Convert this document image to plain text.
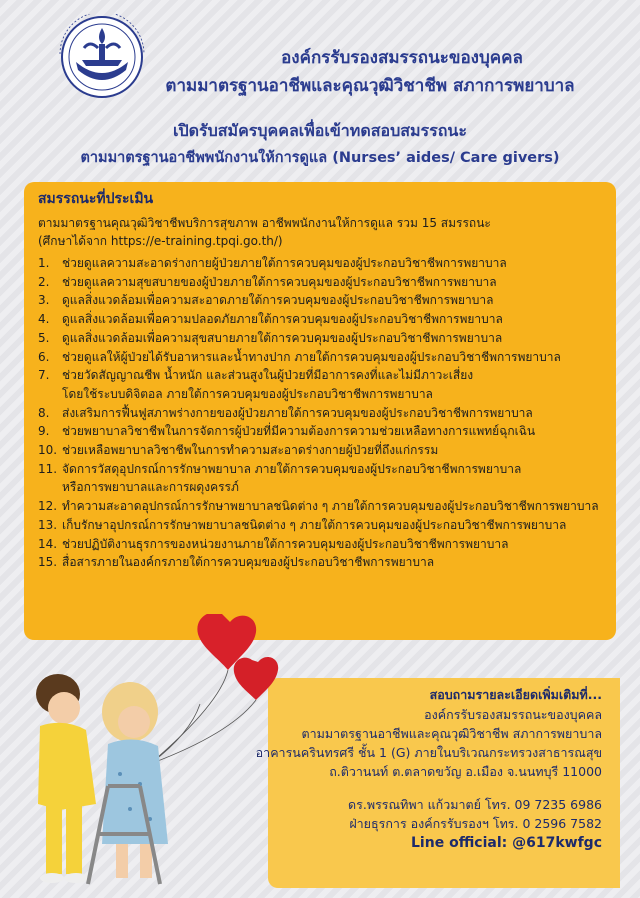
องค์กรรับรองสมรรถนะของบุคคล
ตามมาตรฐานอาชีพและคุณวุฒิวิชาชีพ สภาการพยาบาล
เปิดรับสมัครบุคคลเพื่อเข้าทดสอบสมรรถนะ
ตามมาตรฐานอาชีพพนักงานให้การดูแล (Nurses’ aides/ Care givers)
สมรรถนะที่ประเมิน
ตามมาตรฐานคุณวุฒิวิชาชีพบริการสุขภาพ อาชีพพนักงานให้การดูแล รวม 15 สมรรถนะ
(ศึกษาได้จาก https://e-training.tpqi.go.th/)
1.	ช่วยดูแลความสะอาดร่างกายผู้ป่วยภายใต้การควบคุมของผู้ประกอบวิชาชีพการพยาบาล
2.	ช่วยดูแลความสุขสบายของผู้ป่วยภายใต้การควบคุมของผู้ประกอบวิชาชีพการพยาบาล
3.	ดูแลสิ่งแวดล้อมเพื่อความสะอาดภายใต้การควบคุมของผู้ประกอบวิชาชีพการพยาบาล
4.	ดูแลสิ่งแวดล้อมเพื่อความปลอดภัยภายใต้การควบคุมของผู้ประกอบวิชาชีพการพยาบาล
5.	ดูแลสิ่งแวดล้อมเพื่อความสุขสบายภายใต้การควบคุมของผู้ประกอบวิชาชีพการพยาบาล
6.	ช่วยดูแลให้ผู้ป่วยได้รับอาหารและน้ำทางปาก ภายใต้การควบคุมของผู้ประกอบวิชาชีพการพยาบาล
7.	ช่วยวัดสัญญาณชีพ น้ำหนัก และส่วนสูงในผู้ป่วยที่มีอาการคงที่และไม่มีภาวะเสี่ยง
โดยใช้ระบบดิจิตอล ภายใต้การควบคุมของผู้ประกอบวิชาชีพการพยาบาล
8.	ส่งเสริมการฟื้นฟูสภาพร่างกายของผู้ป่วยภายใต้การควบคุมของผู้ประกอบวิชาชีพการพยาบาล
9.	ช่วยพยาบาลวิชาชีพในการจัดการผู้ป่วยที่มีความต้องการความช่วยเหลือทางการแพทย์ฉุกเฉิน
10. ช่วยเหลือพยาบาลวิชาชีพในการทำความสะอาดร่างกายผู้ป่วยที่ถึงแก่กรรม
11. จัดการวัสดุอุปกรณ์การรักษาพยาบาล ภายใต้การควบคุมของผู้ประกอบวิชาชีพการพยาบาล
หรือการพยาบาลและการผดุงครรภ์
12. ทำความสะอาดอุปกรณ์การรักษาพยาบาลชนิดต่าง ๆ ภายใต้การควบคุมของผู้ประกอบวิชาชีพการพยาบาล
13. เก็บรักษาอุปกรณ์การรักษาพยาบาลชนิดต่าง ๆ ภายใต้การควบคุมของผู้ประกอบวิชาชีพการพยาบาล
14. ช่วยปฏิบัติงานธุรการของหน่วยงานภายใต้การควบคุมของผู้ประกอบวิชาชีพการพยาบาล
15. สื่อสารภายในองค์กรภายใต้การควบคุมของผู้ประกอบวิชาชีพการพยาบาล
สอบถามรายละเอียดเพิ่มเติมที่...
องค์กรรับรองสมรรถนะของบุคคล
ตามมาตรฐานอาชีพและคุณวุฒิวิชาชีพ สภาการพยาบาล
อาคารนครินทรศรี ชั้น 1 (G) ภายในบริเวณกระทรวงสาธารณสุข
ถ.ติวานนท์ ต.ตลาดขวัญ อ.เมือง จ.นนทบุรี 11000
ดร.พรรณทิพา แก้วมาตย์ โทร. 09 7235 6986
ฝ่ายธุรการ องค์กรรับรองฯ โทร. 0 2596 7582
Line official: @617kwfgc
